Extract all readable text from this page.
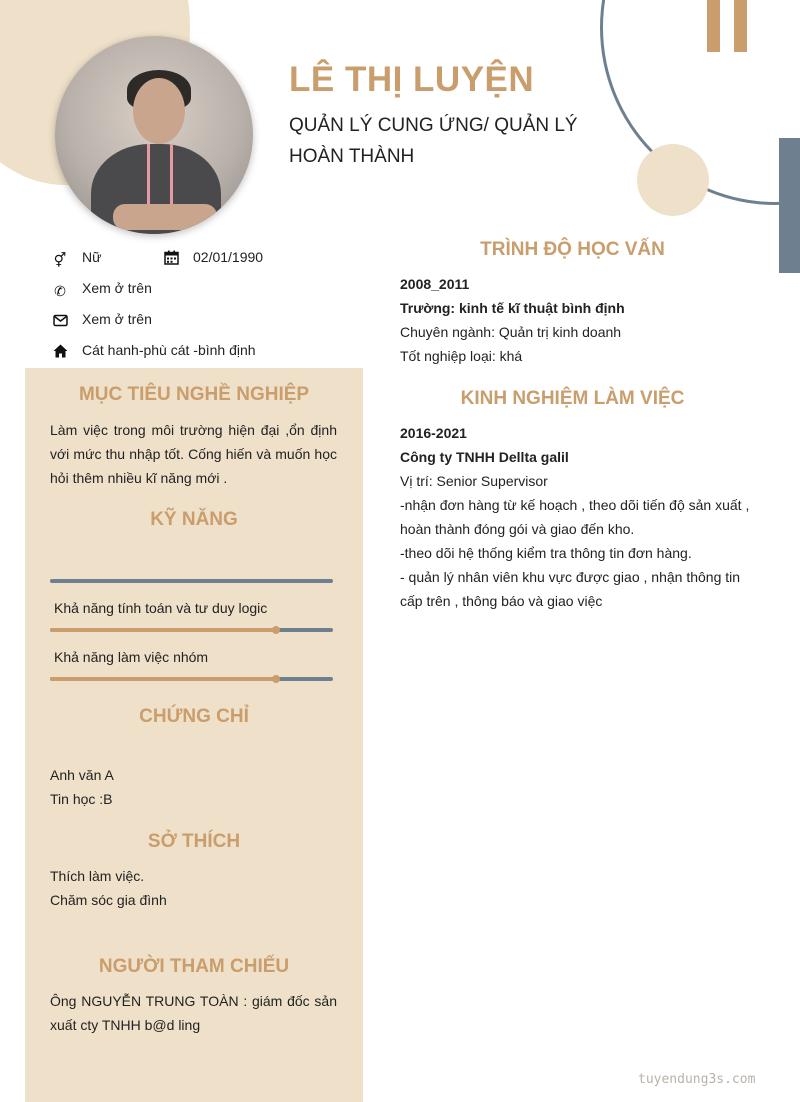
LÊ THỊ LUYỆN
QUẢN LÝ CUNG ỨNG/ QUẢN LÝ HOÀN THÀNH
⚥ Nữ	02/01/1990
✆ Xem ở trên
Xem ở trên
Cát hanh-phù cát -bình định
MỤC TIÊU NGHỀ NGHIỆP
Làm việc trong môi trường hiện đại ,ổn định với mức thu nhập tốt. Cống hiến và muốn học hỏi thêm nhiều kĩ năng mới .
KỸ NĂNG
Khả năng tính toán và tư duy logic
Khả năng làm việc nhóm
CHỨNG CHỈ
Anh văn A
Tin học :B
SỞ THÍCH
Thích làm việc.
Chăm sóc gia đình
NGƯỜI THAM CHIẾU
Ông NGUYỄN TRUNG TOÀN : giám đốc sản xuất cty TNHH b@d ling
TRÌNH ĐỘ HỌC VẤN
2008_2011
Trường: kinh tế kĩ thuật bình định
Chuyên ngành: Quản trị kinh doanh
Tốt nghiệp loại: khá
KINH NGHIỆM LÀM VIỆC
2016-2021
Công ty TNHH Dellta galil
Vị trí: Senior Supervisor
-nhận đơn hàng từ kế hoạch , theo dõi tiến độ sản xuất ,
hoàn thành đóng gói và giao đến kho.
-theo dõi hệ thống kiểm tra thông tin đơn hàng.
- quản lý nhân viên khu vực được giao , nhận thông tin
cấp trên , thông báo và giao việc
tuyendung3s.com
